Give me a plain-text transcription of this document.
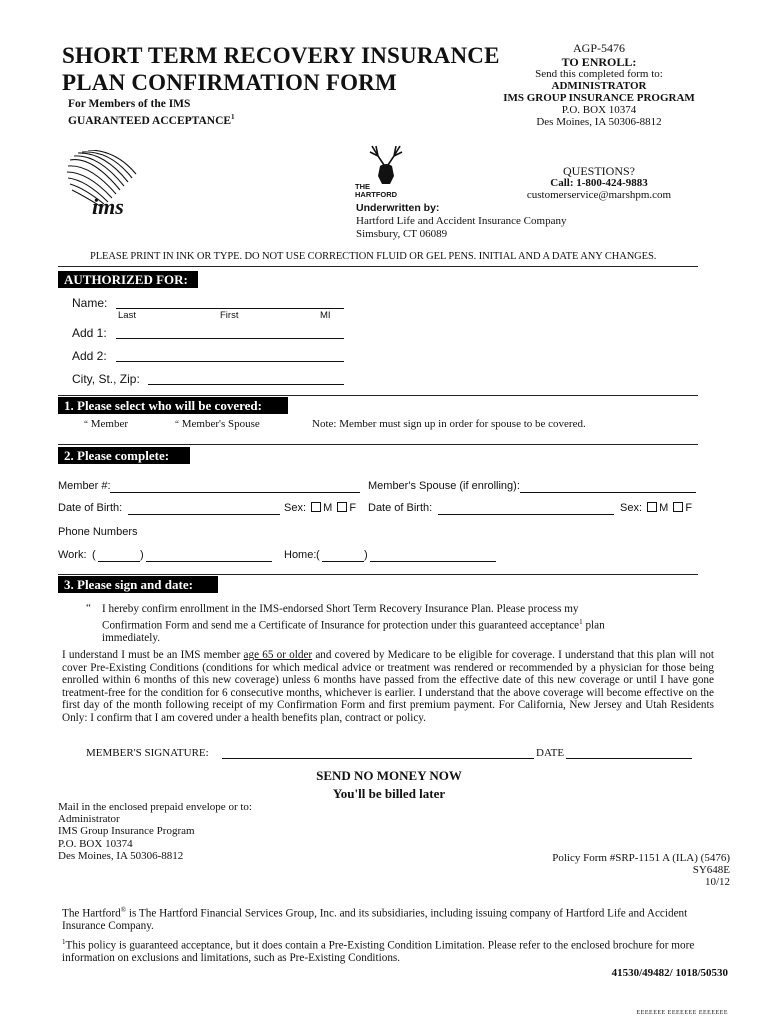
SHORT TERM RECOVERY INSURANCE
PLAN CONFIRMATION FORM
For Members of the IMS
GUARANTEED ACCEPTANCE$^1$
AGP-5476
TO ENROLL:
Send this completed form to:
ADMINISTRATOR
IMS GROUP INSURANCE PROGRAM
P.O. BOX 10374
Des Moines, IA 50306-8812
QUESTIONS?
Call: 1-800-424-9883
customerservice@marshpm.com
ims
THE
HARTFORD
Underwritten by:
Hartford Life and Accident Insurance Company
Simsbury, CT 06089
PLEASE PRINT IN INK OR TYPE. DO NOT USE CORRECTION FLUID OR GEL PENS. INITIAL AND A DATE ANY CHANGES.
AUTHORIZED FOR:
Name:
Last	First	MI
Add 1:
Add 2:
City, St., Zip:
1. Please select who will be covered:
“ Member	“ Member's Spouse	Note: Member must sign up in order for spouse to be covered.
2. Please complete:
Member #:	Member's Spouse (if enrolling):
Date of Birth:	Sex: M F Date of Birth:	Sex: M F
Phone Numbers
Work: (	)	Home: (	)
3. Please sign and date:
“ I hereby confirm enrollment in the IMS-endorsed Short Term Recovery Insurance Plan. Please process my
Confirmation Form and send me a Certificate of Insurance for protection under this guaranteed acceptance$^1$ plan
immediately.
I understand I must be an IMS member age 65 or older and covered by Medicare to be eligible for coverage. I understand that this plan will not cover Pre-Existing Conditions (conditions for which medical advice or treatment was rendered or recommended by a physician for those being enrolled within 6 months of this new coverage) unless 6 months have passed from the effective date of this new coverage or until I have gone treatment-free for the condition for 6 consecutive months, whichever is earlier. I understand that the above coverage will become effective on the first day of the month following receipt of my Confirmation Form and first premium payment. For California, New Jersey and Utah Residents Only: I confirm that I am covered under a health benefits plan, contract or policy.
MEMBER'S SIGNATURE:	DATE
SEND NO MONEY NOW
You'll be billed later
Mail in the enclosed prepaid envelope or to:
Administrator
IMS Group Insurance Program
P.O. BOX 10374
Des Moines, IA 50306-8812	Policy Form #SRP-1151 A (ILA) (5476)
SY648E
10/12
The Hartford® is The Hartford Financial Services Group, Inc. and its subsidiaries, including issuing company of Hartford Life and Accident Insurance Company.
$^1$This policy is guaranteed acceptance, but it does contain a Pre-Existing Condition Limitation. Please refer to the enclosed brochure for more information on exclusions and limitations, such as Pre-Existing Conditions.
41530/49482/ 1018/50530
EEEEEEE EEEEEEE EEEEEEE
